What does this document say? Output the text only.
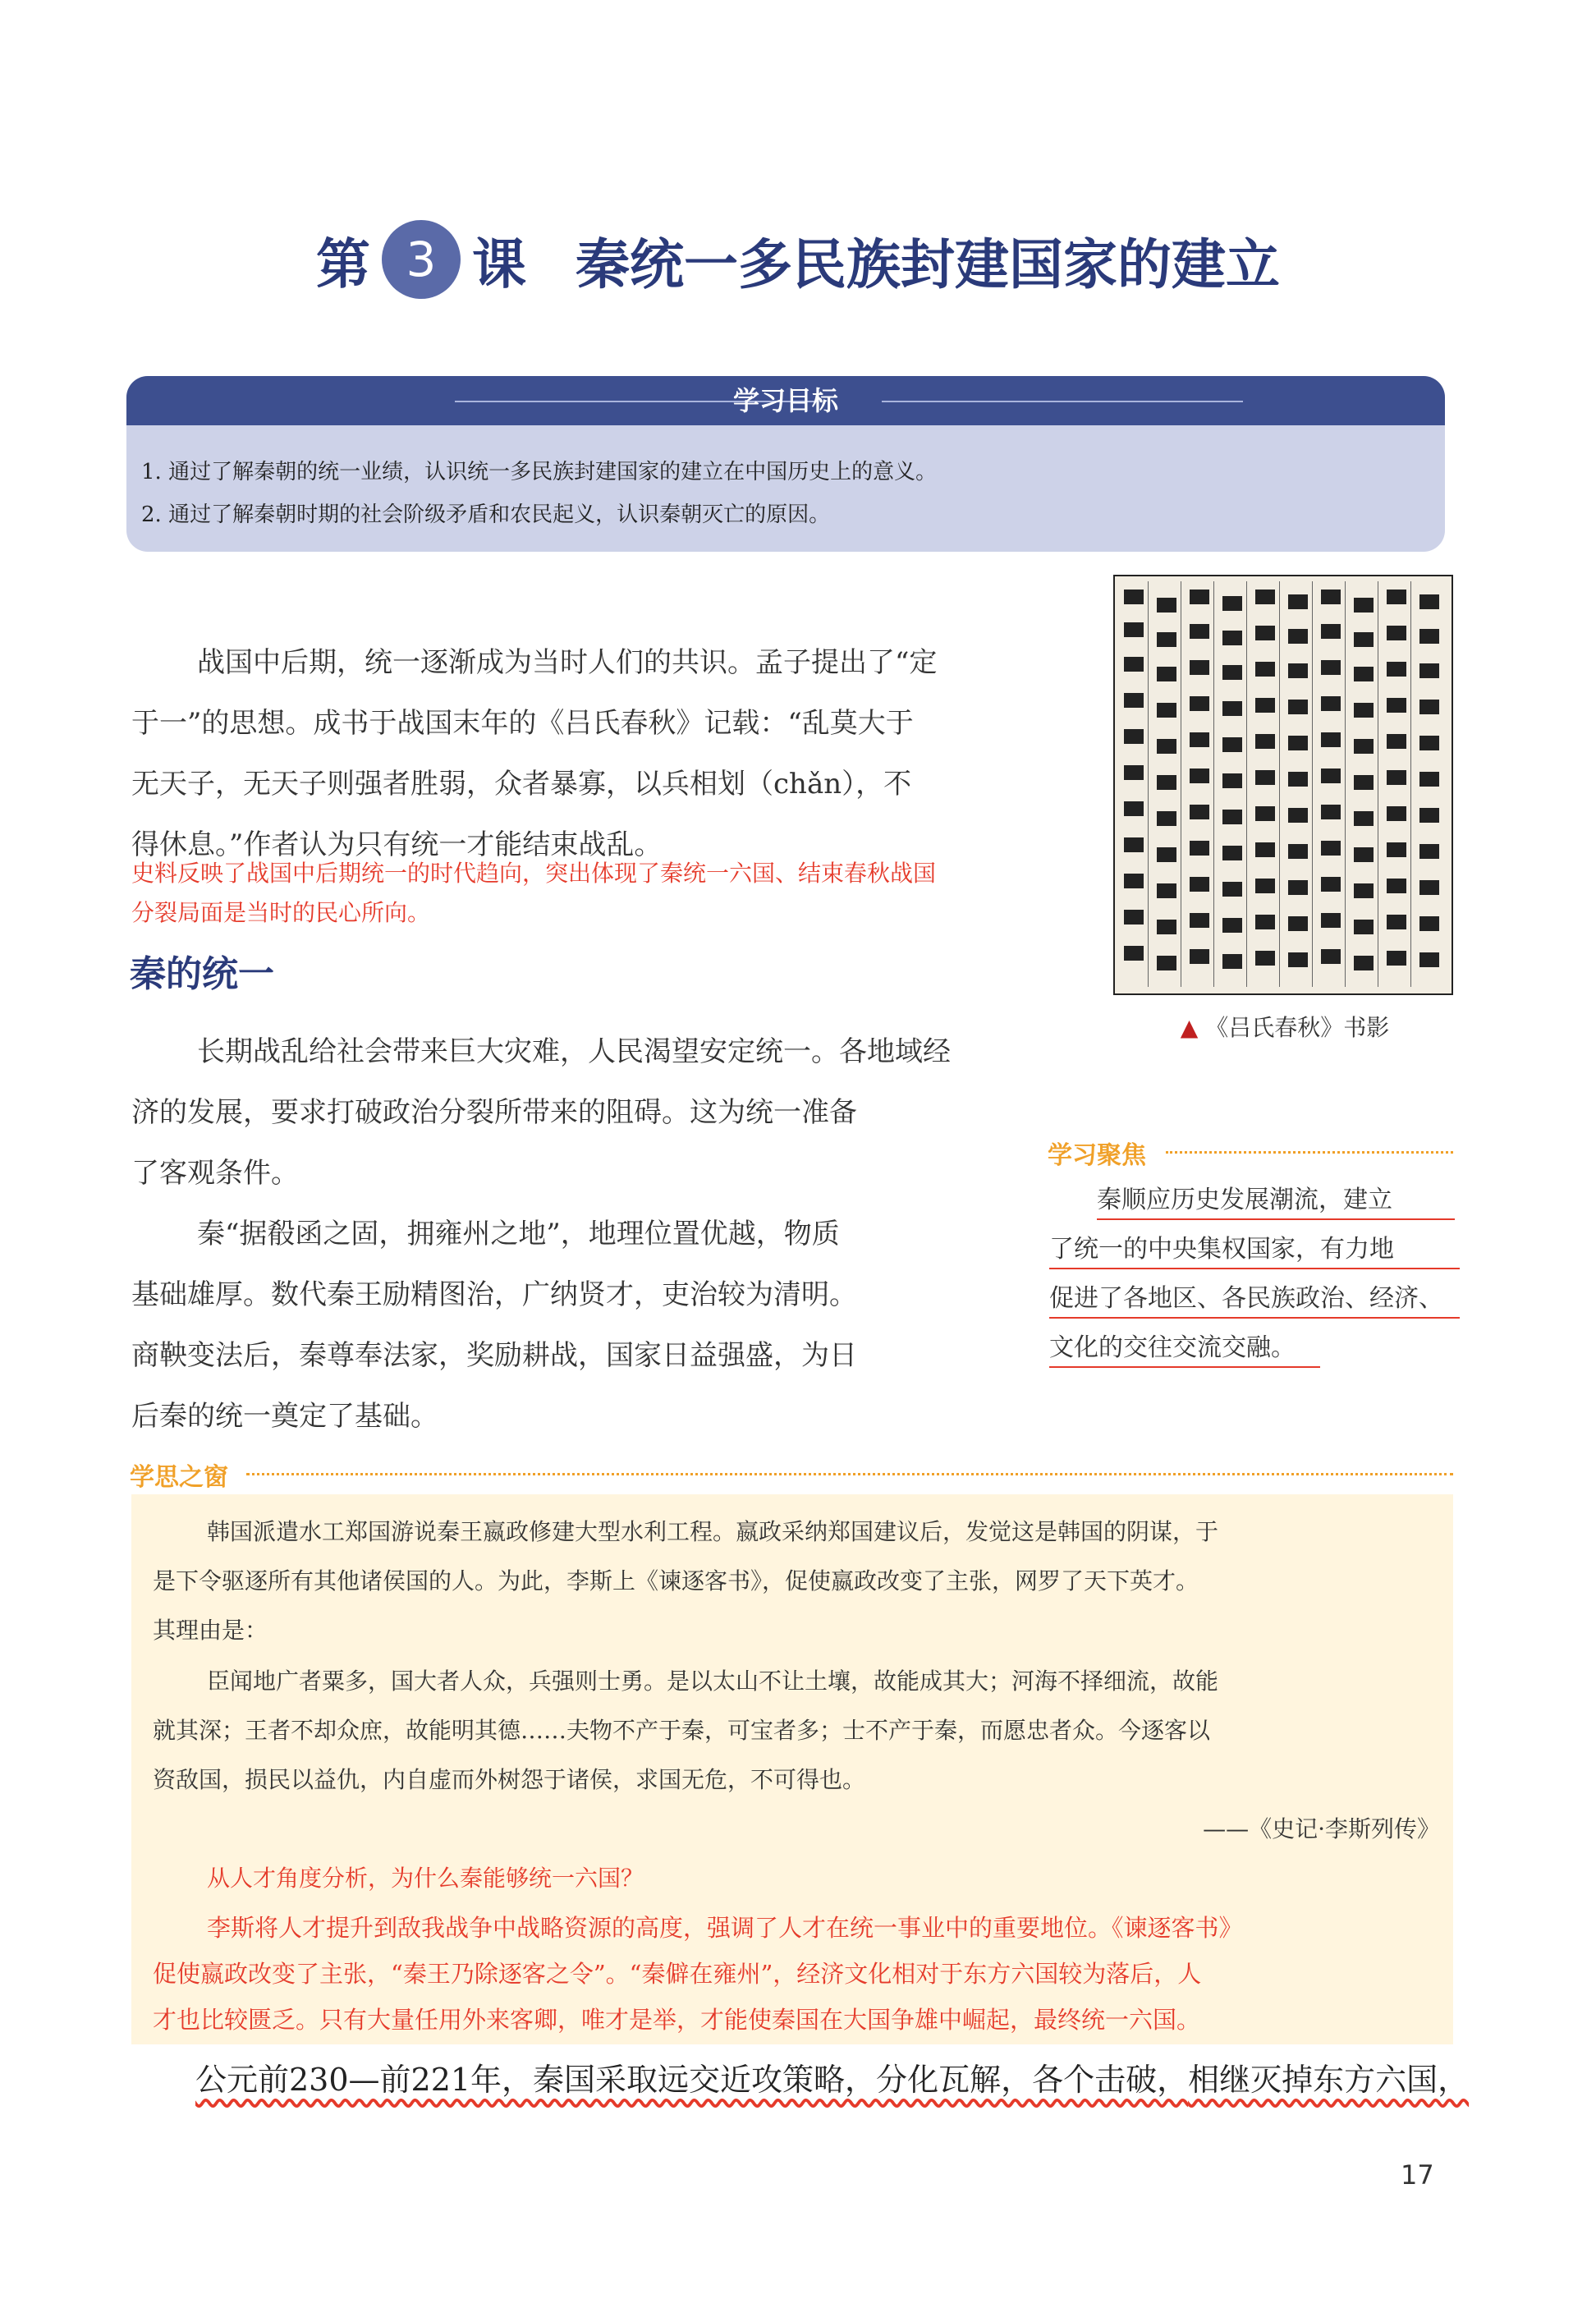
第 3 课 秦统一多民族封建国家的建立
学习目标
1. 通过了解秦朝的统一业绩，认识统一多民族封建国家的建立在中国历史上的意义。
2. 通过了解秦朝时期的社会阶级矛盾和农民起义，认识秦朝灭亡的原因。
战国中后期，统一逐渐成为当时人们的共识。孟子提出了“定
于一”的思想。成书于战国末年的《吕氏春秋》记载：“乱莫大于
无天子，无天子则强者胜弱，众者暴寡，以兵相划（chǎn），不
得休息。”作者认为只有统一才能结束战乱。
史料反映了战国中后期统一的时代趋向，突出体现了秦统一六国、结束春秋战国
分裂局面是当时的民心所向。
▲ 《吕氏春秋》书影
秦的统一
长期战乱给社会带来巨大灾难，人民渴望安定统一。各地域经
济的发展，要求打破政治分裂所带来的阻碍。这为统一准备
了客观条件。
秦“据殽函之固，拥雍州之地”，地理位置优越，物质
基础雄厚。数代秦王励精图治，广纳贤才，吏治较为清明。
商鞅变法后，秦尊奉法家，奖励耕战，国家日益强盛，为日
后秦的统一奠定了基础。
学习聚焦
秦顺应历史发展潮流，建立
了统一的中央集权国家，有力地
促进了各地区、各民族政治、经济、
文化的交往交流交融。
学思之窗
韩国派遣水工郑国游说秦王嬴政修建大型水利工程。嬴政采纳郑国建议后，发觉这是韩国的阴谋，于
是下令驱逐所有其他诸侯国的人。为此，李斯上《谏逐客书》，促使嬴政改变了主张，网罗了天下英才。
其理由是：
臣闻地广者粟多，国大者人众，兵强则士勇。是以太山不让土壤，故能成其大；河海不择细流，故能
就其深；王者不却众庶，故能明其德……夫物不产于秦，可宝者多；士不产于秦，而愿忠者众。今逐客以
资敌国，损民以益仇，内自虚而外树怨于诸侯，求国无危，不可得也。
——《史记·李斯列传》
从人才角度分析，为什么秦能够统一六国？
李斯将人才提升到敌我战争中战略资源的高度，强调了人才在统一事业中的重要地位。《谏逐客书》
促使嬴政改变了主张，“秦王乃除逐客之令”。“秦僻在雍州”，经济文化相对于东方六国较为落后，人
才也比较匮乏。只有大量任用外来客卿，唯才是举，才能使秦国在大国争雄中崛起，最终统一六国。
公元前230—前221年，秦国采取远交近攻策略，分化瓦解，各个击破，相继灭掉东方六国，
17
